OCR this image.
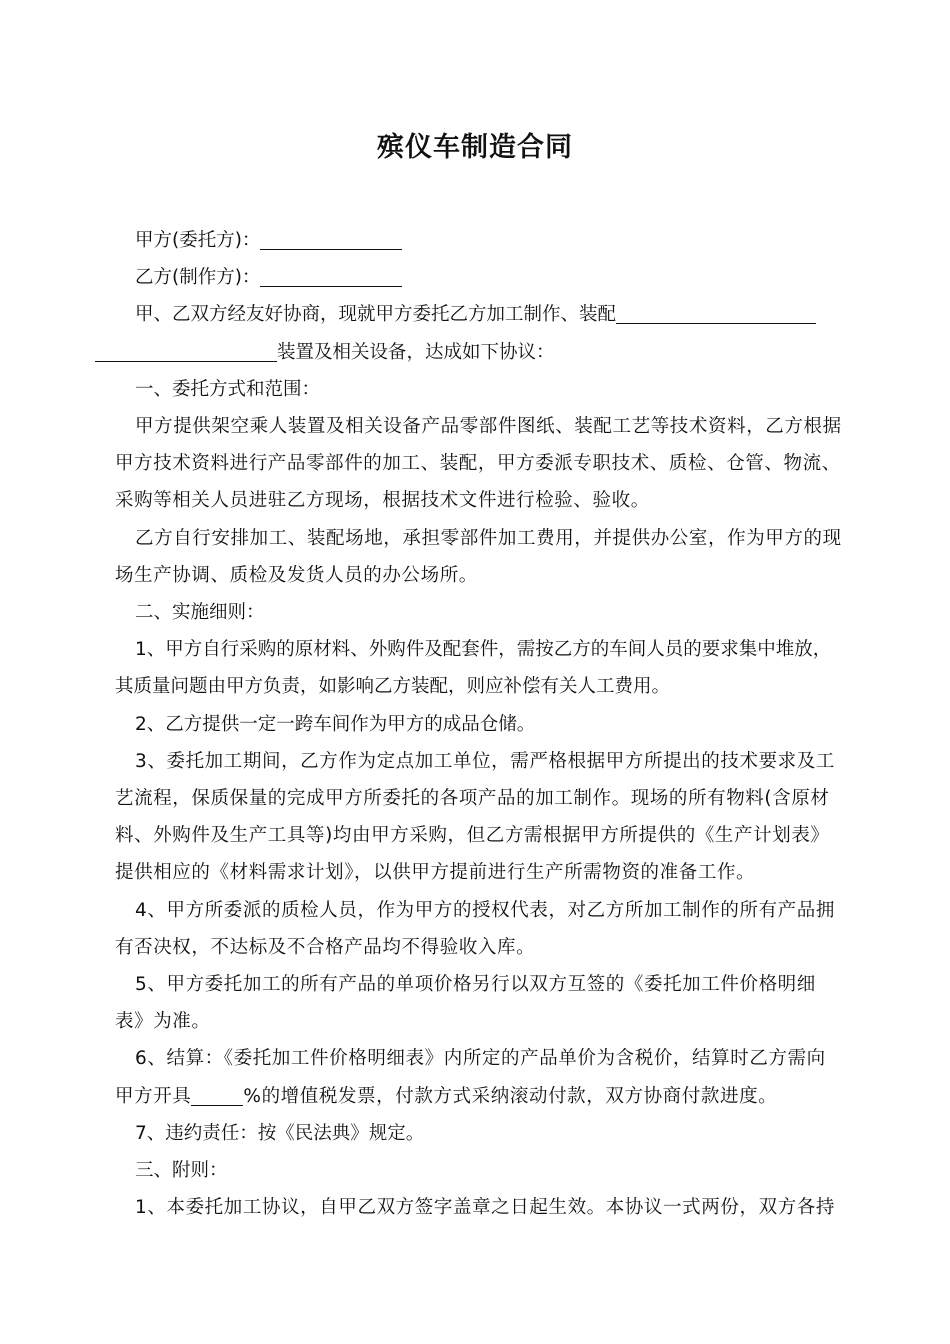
殡仪车制造合同

甲方(委托方)：

乙方(制作方)：

甲、乙双方经友好协商，现就甲方委托乙方加工制作、装配
装置及相关设备，达成如下协议：

一、委托方式和范围：

甲方提供架空乘人装置及相关设备产品零部件图纸、装配工艺等技术资料，乙方根据甲方技术资料进行产品零部件的加工、装配，甲方委派专职技术、质检、仓管、物流、采购等相关人员进驻乙方现场，根据技术文件进行检验、验收。

乙方自行安排加工、装配场地，承担零部件加工费用，并提供办公室，作为甲方的现场生产协调、质检及发货人员的办公场所。

二、实施细则：

1、甲方自行采购的原材料、外购件及配套件，需按乙方的车间人员的要求集中堆放，其质量问题由甲方负责，如影响乙方装配，则应补偿有关人工费用。

2、乙方提供一定一跨车间作为甲方的成品仓储。

3、委托加工期间，乙方作为定点加工单位，需严格根据甲方所提出的技术要求及工艺流程，保质保量的完成甲方所委托的各项产品的加工制作。现场的所有物料(含原材料、外购件及生产工具等)均由甲方采购，但乙方需根据甲方所提供的《生产计划表》提供相应的《材料需求计划》，以供甲方提前进行生产所需物资的准备工作。

4、甲方所委派的质检人员，作为甲方的授权代表，对乙方所加工制作的所有产品拥有否决权，不达标及不合格产品均不得验收入库。

5、甲方委托加工的所有产品的单项价格另行以双方互签的《委托加工件价格明细表》为准。

6、结算：《委托加工件价格明细表》内所定的产品单价为含税价，结算时乙方需向甲方开具	%的增值税发票，付款方式采纳滚动付款，双方协商付款进度。

7、违约责任：按《民法典》规定。

三、附则：

1、本委托加工协议，自甲乙双方签字盖章之日起生效。本协议一式两份，双方各持
